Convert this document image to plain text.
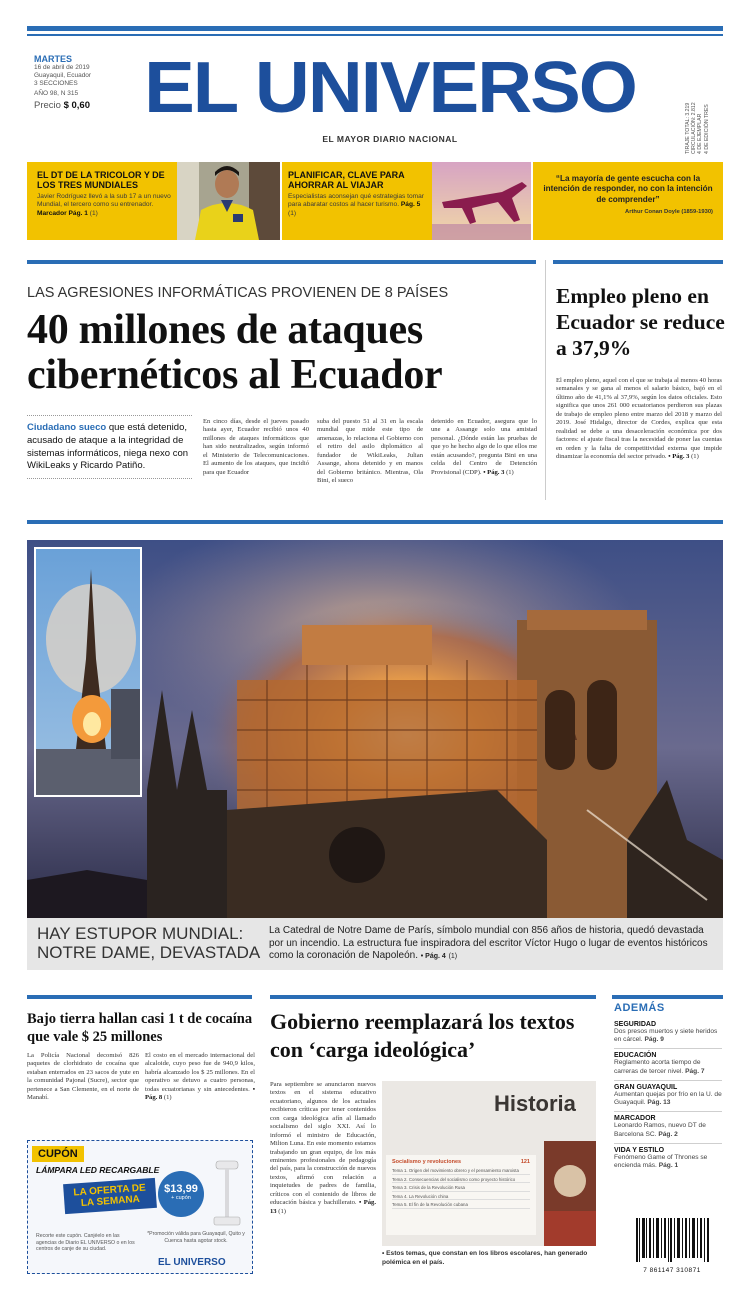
MARTES
16 de abril de 2019
Guayaquil, Ecuador
3 SECCIONES
AÑO 98, N 315
Precio $ 0,60 EL UNIVERSO
EL MAYOR DIARIO NACIONAL	TIRAJE TOTAL: 3.219 CIRCULACIÓN: 2.812 4 DE EJEMPLAR 4 DE EDICIÓN TRES
EL DT DE LA TRICOLOR Y DE LOS TRES MUNDIALES

Javier Rodríguez llevó a la sub 17 a un nuevo Mundial, el tercero como su entrenador. Marcador Pág. 1 (1)

PLANIFICAR, CLAVE PARA AHORRAR AL VIAJAR

Especialistas aconsejan qué estrategias tomar para abaratar costos al hacer turismo. Pág. 5 (1)

“La mayoría de gente escucha con la intención de responder, no con la intención de comprender”
Arthur Conan Doyle (1859-1930)
LAS AGRESIONES INFORMÁTICAS PROVIENEN DE 8 PAÍSES
40 millones de ataques
cibernéticos al Ecuador
Ciudadano sueco que está detenido, acusado de ataque a la integridad de sistemas informáticos, niega nexo con WikiLeaks y Ricardo Patiño.
En cinco días, desde el jueves pasado hasta ayer, Ecuador recibió unos 40 millones de ataques informáticos que han sido neutralizados, según informó el Ministerio de Telecomunicaciones. El aumento de los ataques, que incidió para que Ecuador
suba del puesto 51 al 31 en la escala mundial que mide este tipo de amenazas, lo relaciona el Gobierno con el retiro del asilo diplomático al fundador de WikiLeaks, Julian Assange, ahora detenido y en manos del Gobierno británico. Mientras, Ola Bini, el sueco
detenido en Ecuador, asegura que lo une a Assange solo una amistad personal. ¿Dónde están las pruebas de que yo he hecho algo de lo que ellos me están acusando?, pregunta Bini en una celda del Centro de Detención Provisional (CDP). • Pág. 3 (1)
Empleo pleno en Ecuador se reduce a 37,9%
El empleo pleno, aquel con el que se trabaja al menos 40 horas semanales y se gana al menos el salario básico, bajó en el último año de 41,1% al 37,9%, según los datos oficiales. Esto significa que unos 261 000 ecuatorianos perdieron sus plazas de trabajo de empleo pleno entre marzo del 2018 y marzo del 2019. José Hidalgo, director de Cordes, explica que esta realidad se debe a una desaceleración económica por dos factores: el ajuste fiscal tras la necesidad de poner las cuentas en orden y la falta de competitividad externa que impide dinamizar la economía del sector privado. • Pág. 3 (1)
HAY ESTUPOR MUNDIAL:
NOTRE DAME, DEVASTADA
La Catedral de Notre Dame de París, símbolo mundial con 856 años de historia, quedó devastada por un incendio. La estructura fue inspiradora del escritor Víctor Hugo o lugar de eventos históricos como la coronación de Napoleón. • Pág. 4 (1)
Bajo tierra hallan casi 1 t de cocaína que vale $ 25 millones
La Policía Nacional decomisó 826 paquetes de clorhidrato de cocaína que estaban enterrados en 23 sacos de yute en la comunidad Pajonal (Sucre), sector que pertenece a San Clemente, en el norte de Manabí.
El costo en el mercado internacional del alcaloide, cuyo peso fue de 940,9 kilos, habría alcanzado los $ 25 millones. En el operativo se detuvo a cuatro personas, todas ecuatorianas y sin antecedentes. • Pág. 8 (1)
CUPÓN
LÁMPARA LED RECARGABLE
LA OFERTA DE LA SEMANA
$13,99
+ cupón
Recorte este cupón. Canjéelo en las agencias de Diario EL UNIVERSO o en los centros de canje de su ciudad.
*Promoción válida para Guayaquil, Quito y Cuenca hasta agotar stock.
EL UNIVERSO
Gobierno reemplazará los textos con ‘carga ideológica’
Para septiembre se anunciaron nuevos textos en el sistema educativo ecuatoriano, algunos de los actuales recibieron críticas por tener contenidos con carga ideológica afín al llamado socialismo del siglo XXI. Así lo informó el ministro de Educación, Milton Luna. En este momento estamos trabajando un gran equipo, de los más eminentes profesionales de pedagogía del país, para la construcción de nuevos textos, afirmó con relación a inquietudes de padres de familia, críticos con el contenido de libros de educación básica y bachillerato. • Pág. 13 (1)
Historia
Socialismo y revoluciones	121
Tema 1. Origen del movimiento obrero y el pensamiento marxista
Tema 2. Consecuencias del socialismo como proyecto histórico
Tema 3. Crisis de la Revolución Rusa
Tema 4. La Revolución china
Tema 5. El fin de la Revolución cubana
• Estos temas, que constan en los libros escolares, han generado polémica en el país.
ADEMÁS
SEGURIDAD

Dos presos muertos y siete heridos en cárcel. Pág. 9

EDUCACIÓN

Reglamento acorta tiempo de carreras de tercer nivel. Pág. 7

GRAN GUAYAQUIL

Aumentan quejas por frío en la U. de Guayaquil. Pág. 13

MARCADOR

Leonardo Ramos, nuevo DT de Barcelona SC. Pág. 2

VIDA Y ESTILO

Fenómeno Game of Thrones se encienda más. Pág. 1

7 861147 310871
